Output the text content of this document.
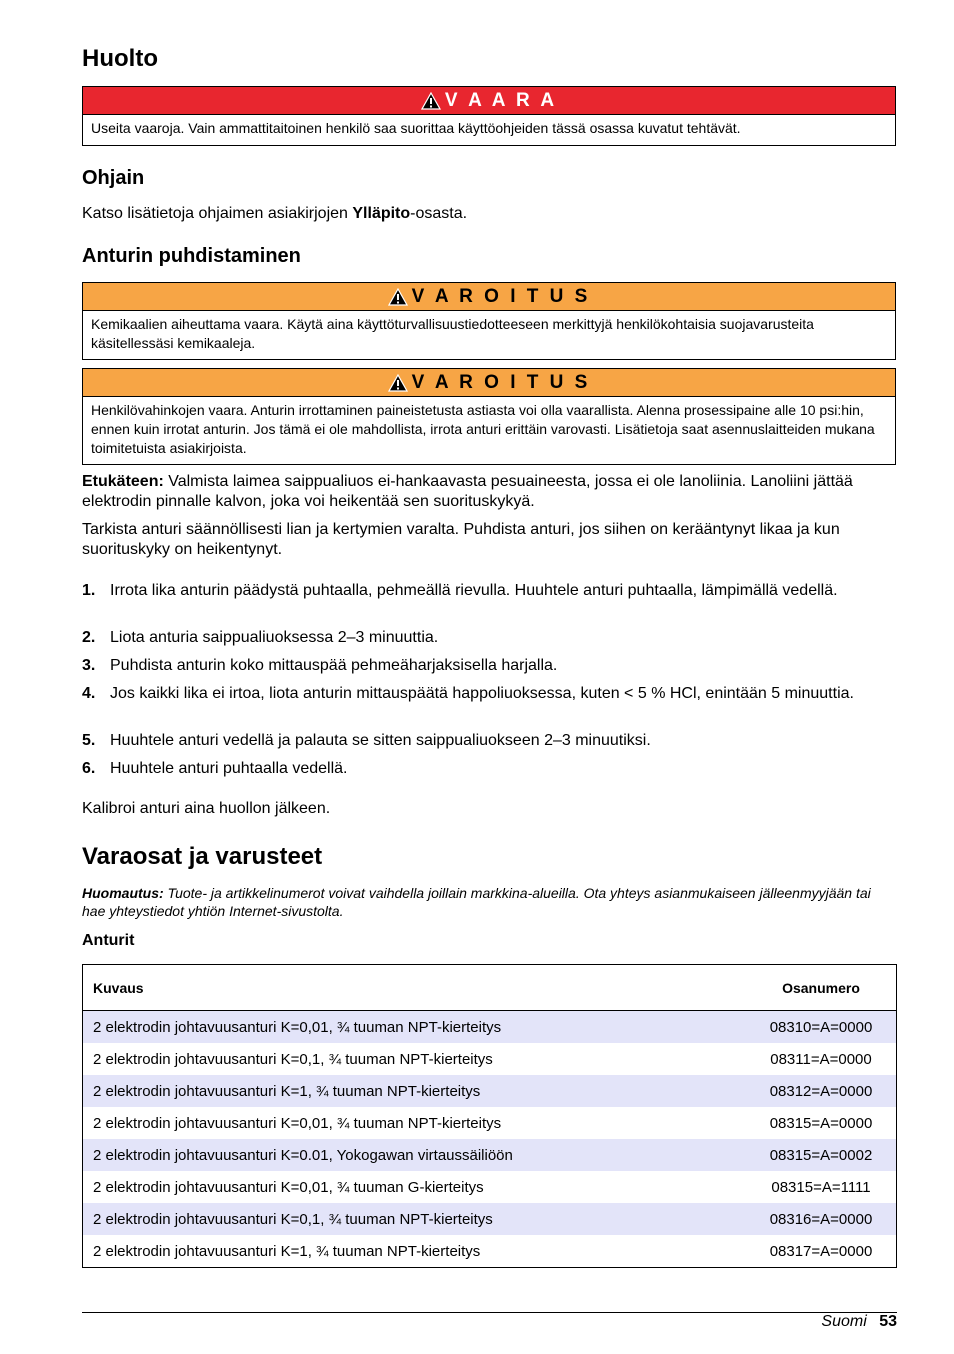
Huolto
V A A R A
Useita vaaroja. Vain ammattitaitoinen henkilö saa suorittaa käyttöohjeiden tässä osassa kuvatut tehtävät.
Ohjain
Katso lisätietoja ohjaimen asiakirjojen Ylläpito-osasta.
Anturin puhdistaminen
V A R O I T U S
Kemikaalien aiheuttama vaara. Käytä aina käyttöturvallisuustiedotteeseen merkittyjä henkilökohtaisia suojavarusteita käsitellessäsi kemikaaleja.
V A R O I T U S
Henkilövahinkojen vaara. Anturin irrottaminen paineistetusta astiasta voi olla vaarallista. Alenna prosessipaine alle 10 psi:hin, ennen kuin irrotat anturin. Jos tämä ei ole mahdollista, irrota anturi erittäin varovasti. Lisätietoja saat asennuslaitteiden mukana toimitetuista asiakirjoista.
Etukäteen: Valmista laimea saippualiuos ei-hankaavasta pesuaineesta, jossa ei ole lanoliinia. Lanoliini jättää elektrodin pinnalle kalvon, joka voi heikentää sen suorituskykyä.
Tarkista anturi säännöllisesti lian ja kertymien varalta. Puhdista anturi, jos siihen on kerääntynyt likaa ja kun suorituskyky on heikentynyt.
1. Irrota lika anturin päädystä puhtaalla, pehmeällä rievulla. Huuhtele anturi puhtaalla, lämpimällä vedellä.
2. Liota anturia saippualiuoksessa 2–3 minuuttia.
3. Puhdista anturin koko mittauspää pehmeäharjaksisella harjalla.
4. Jos kaikki lika ei irtoa, liota anturin mittauspäätä happoliuoksessa, kuten < 5 % HCl, enintään 5 minuuttia.
5. Huuhtele anturi vedellä ja palauta se sitten saippualiuokseen 2–3 minuutiksi.
6. Huuhtele anturi puhtaalla vedellä.
Kalibroi anturi aina huollon jälkeen.
Varaosat ja varusteet
Huomautus: Tuote- ja artikkelinumerot voivat vaihdella joillain markkina-alueilla. Ota yhteys asianmukaiseen jälleenmyyjään tai hae yhteystiedot yhtiön Internet-sivustolta.
Anturit
Kuvaus	Osanumero
2 elektrodin johtavuusanturi K=0,01, ¾ tuuman NPT-kierteitys	08310=A=0000
2 elektrodin johtavuusanturi K=0,1, ¾ tuuman NPT-kierteitys	08311=A=0000
2 elektrodin johtavuusanturi K=1, ¾ tuuman NPT-kierteitys	08312=A=0000
2 elektrodin johtavuusanturi K=0,01, ¾ tuuman NPT-kierteitys	08315=A=0000
2 elektrodin johtavuusanturi K=0.01, Yokogawan virtaussäiliöön	08315=A=0002
2 elektrodin johtavuusanturi K=0,01, ¾ tuuman G-kierteitys	08315=A=1111
2 elektrodin johtavuusanturi K=0,1, ¾ tuuman NPT-kierteitys	08316=A=0000
2 elektrodin johtavuusanturi K=1, ¾ tuuman NPT-kierteitys	08317=A=0000
Suomi 53
